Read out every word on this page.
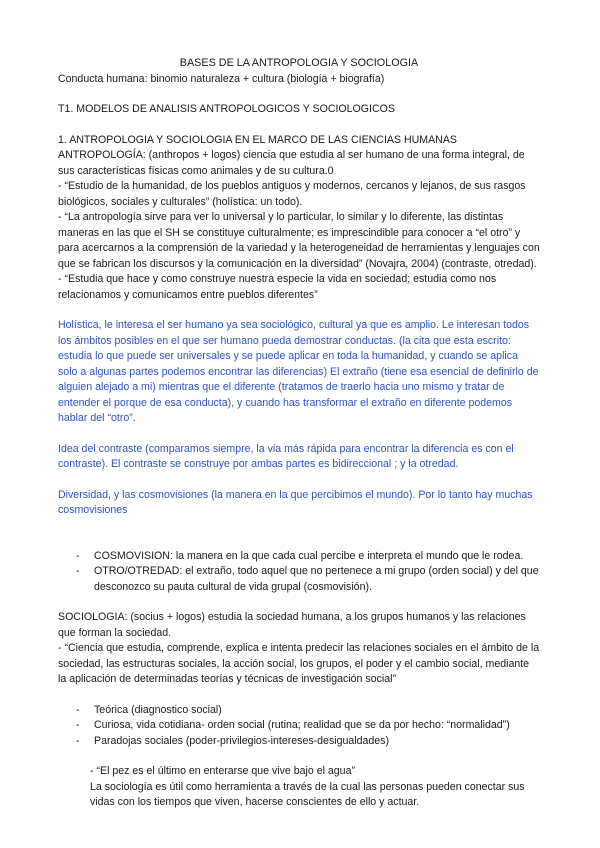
BASES DE LA ANTROPOLOGIA Y SOCIOLOGIA

Conducta humana: binomio naturaleza + cultura (biología + biografía)

T1. MODELOS DE ANALISIS ANTROPOLOGICOS Y SOCIOLOGICOS

1. ANTROPOLOGIA Y SOCIOLOGIA EN EL MARCO DE LAS CIENCIAS HUMANAS

ANTROPOLOGÍA: (anthropos + logos) ciencia que estudia al ser humano de una forma integral, de sus características físicas como animales y de su cultura.0

- “Estudio de la humanidad, de los pueblos antiguos y modernos, cercanos y lejanos, de sus rasgos biológicos, sociales y culturales” (holística: un todo).

- “La antropología sirve para ver lo universal y lo particular, lo similar y lo diferente, las distintas maneras en las que el SH se constituye culturalmente; es imprescindible para conocer a “el otro” y para acercarnos a la comprensión de la variedad y la heterogeneidad de herramientas y lenguajes con que se fabrican los discursos y la comunicación en la diversidad” (Novajra, 2004) (contraste, otredad).

- “Estudia que hace y como construye nuestra especie la vida en sociedad; estudia como nos relacionamos y comunicamos entre pueblos diferentes”

Holística, le interesa el ser humano ya sea sociológico, cultural ya que es amplio. Le interesan todos los ámbitos posibles en el que ser humano pueda demostrar conductas. (la cita que esta escrito: estudia lo que puede ser universales y se puede aplicar en toda la humanidad, y cuando se aplica solo a algunas partes podemos encontrar las diferencias) El extraño (tiene esa esencial de definirlo de alguien alejado a mi) mientras que el diferente (tratamos de traerlo hacia uno mismo y tratar de entender el porque de esa conducta), y cuando has transformar el extraño en diferente podemos hablar del “otro”.

Idea del contraste (comparamos siempre, la via más rápida para encontrar la diferencia es con el contraste). El contraste se construye por ambas partes es bidireccional ; y la otredad.

Diversidad, y las cosmovisiones (la manera en la que percibimos el mundo). Por lo tanto hay muchas cosmovisiones

- COSMOVISION: la manera en la que cada cual percibe e interpreta el mundo que le rodea.
- OTRO/OTREDAD: el extraño, todo aquel que no pertenece a mi grupo (orden social) y del que desconozco su pauta cultural de vida grupal (cosmovisión).

SOCIOLOGIA: (socius + logos) estudia la sociedad humana, a los grupos humanos y las relaciones que forman la sociedad.

- “Ciencia que estudia, comprende, explica e intenta predecir las relaciones sociales en el ámbito de la sociedad, las estructuras sociales, la acción social, los grupos, el poder y el cambio social, mediante la aplicación de determinadas teorías y técnicas de investigación social”

- Teórica (diagnostico social)
- Curiosa, vida cotidiana- orden social (rutina; realidad que se da por hecho: “normalidad”)
- Paradojas sociales (poder-privilegios-intereses-desigualdades)

- “El pez es el último en enterarse que vive bajo el agua”

La sociología es útil como herramienta a través de la cual las personas pueden conectar sus vidas con los tiempos que viven, hacerse conscientes de ello y actuar.
